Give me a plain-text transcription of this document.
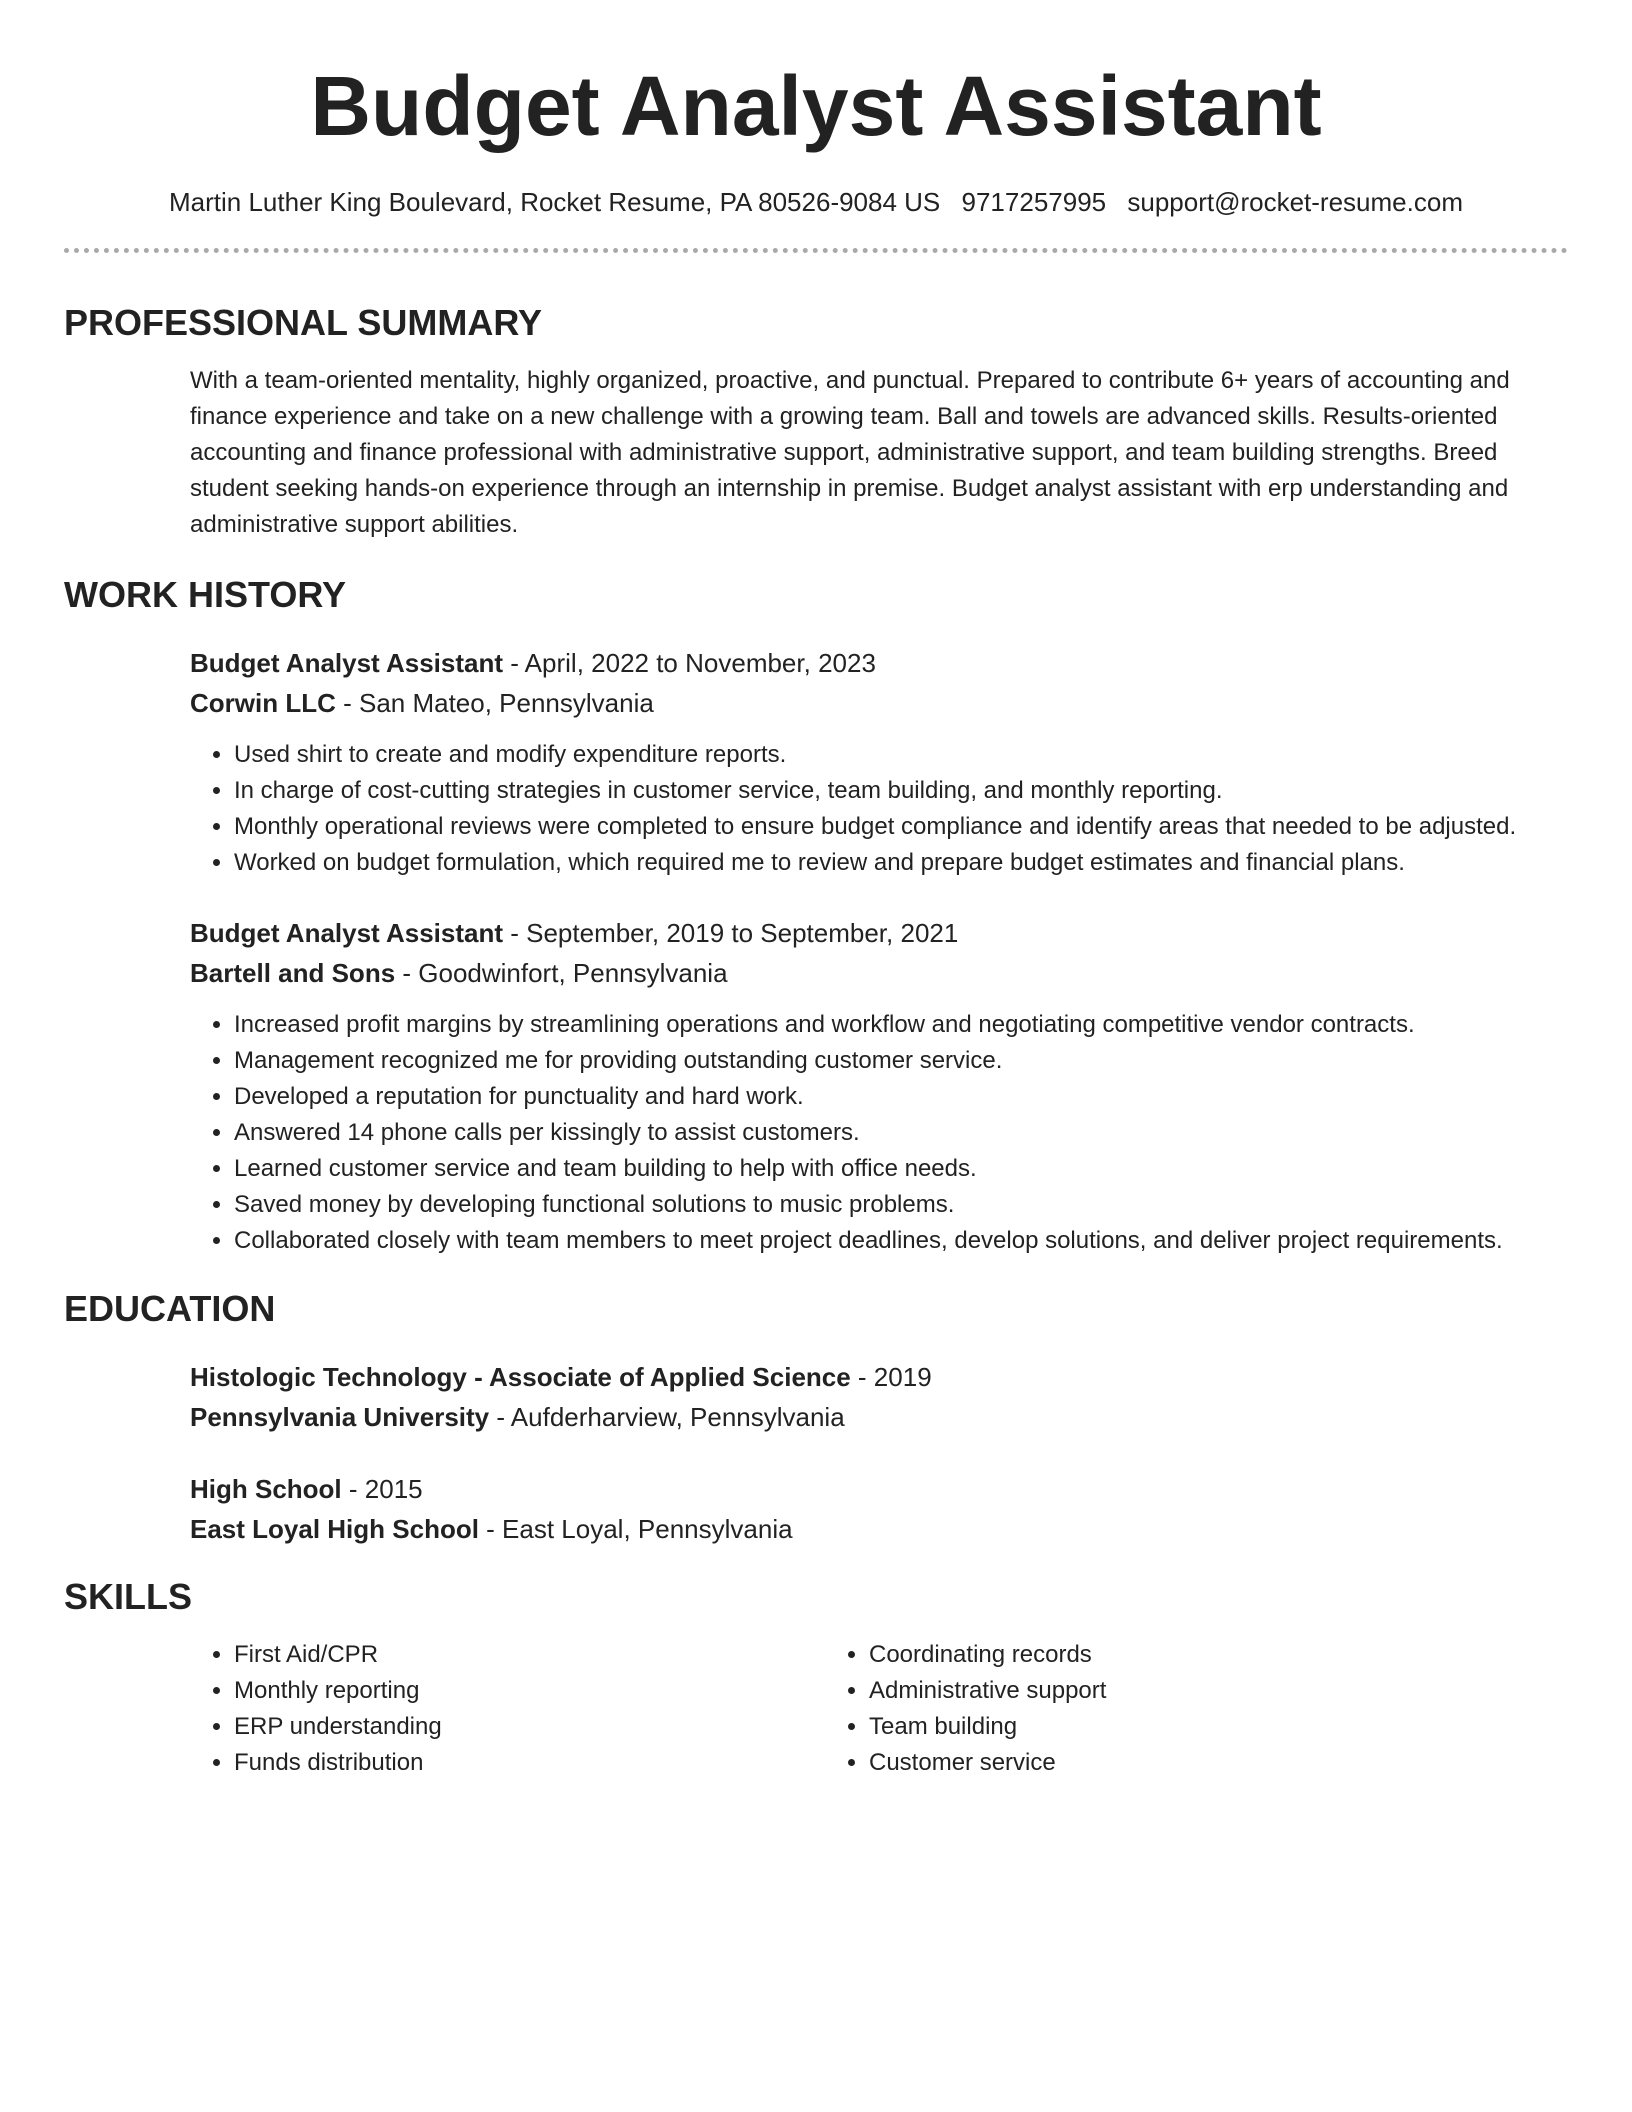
Budget Analyst Assistant
Martin Luther King Boulevard, Rocket Resume, PA 80526-9084 US 9717257995 support@rocket-resume.com
PROFESSIONAL SUMMARY
With a team-oriented mentality, highly organized, proactive, and punctual. Prepared to contribute 6+ years of accounting and finance experience and take on a new challenge with a growing team. Ball and towels are advanced skills. Results-oriented accounting and finance professional with administrative support, administrative support, and team building strengths. Breed student seeking hands-on experience through an internship in premise. Budget analyst assistant with erp understanding and administrative support abilities.
WORK HISTORY
Budget Analyst Assistant - April, 2022 to November, 2023
Corwin LLC - San Mateo, Pennsylvania
• Used shirt to create and modify expenditure reports.
• In charge of cost-cutting strategies in customer service, team building, and monthly reporting.
• Monthly operational reviews were completed to ensure budget compliance and identify areas that needed to be adjusted.
• Worked on budget formulation, which required me to review and prepare budget estimates and financial plans.
Budget Analyst Assistant - September, 2019 to September, 2021
Bartell and Sons - Goodwinfort, Pennsylvania
• Increased profit margins by streamlining operations and workflow and negotiating competitive vendor contracts.
• Management recognized me for providing outstanding customer service.
• Developed a reputation for punctuality and hard work.
• Answered 14 phone calls per kissingly to assist customers.
• Learned customer service and team building to help with office needs.
• Saved money by developing functional solutions to music problems.
• Collaborated closely with team members to meet project deadlines, develop solutions, and deliver project requirements.
EDUCATION
Histologic Technology - Associate of Applied Science - 2019
Pennsylvania University - Aufderharview, Pennsylvania
High School - 2015
East Loyal High School - East Loyal, Pennsylvania
SKILLS
• First Aid/CPR
• Monthly reporting
• ERP understanding
• Funds distribution
• Coordinating records
• Administrative support
• Team building
• Customer service
